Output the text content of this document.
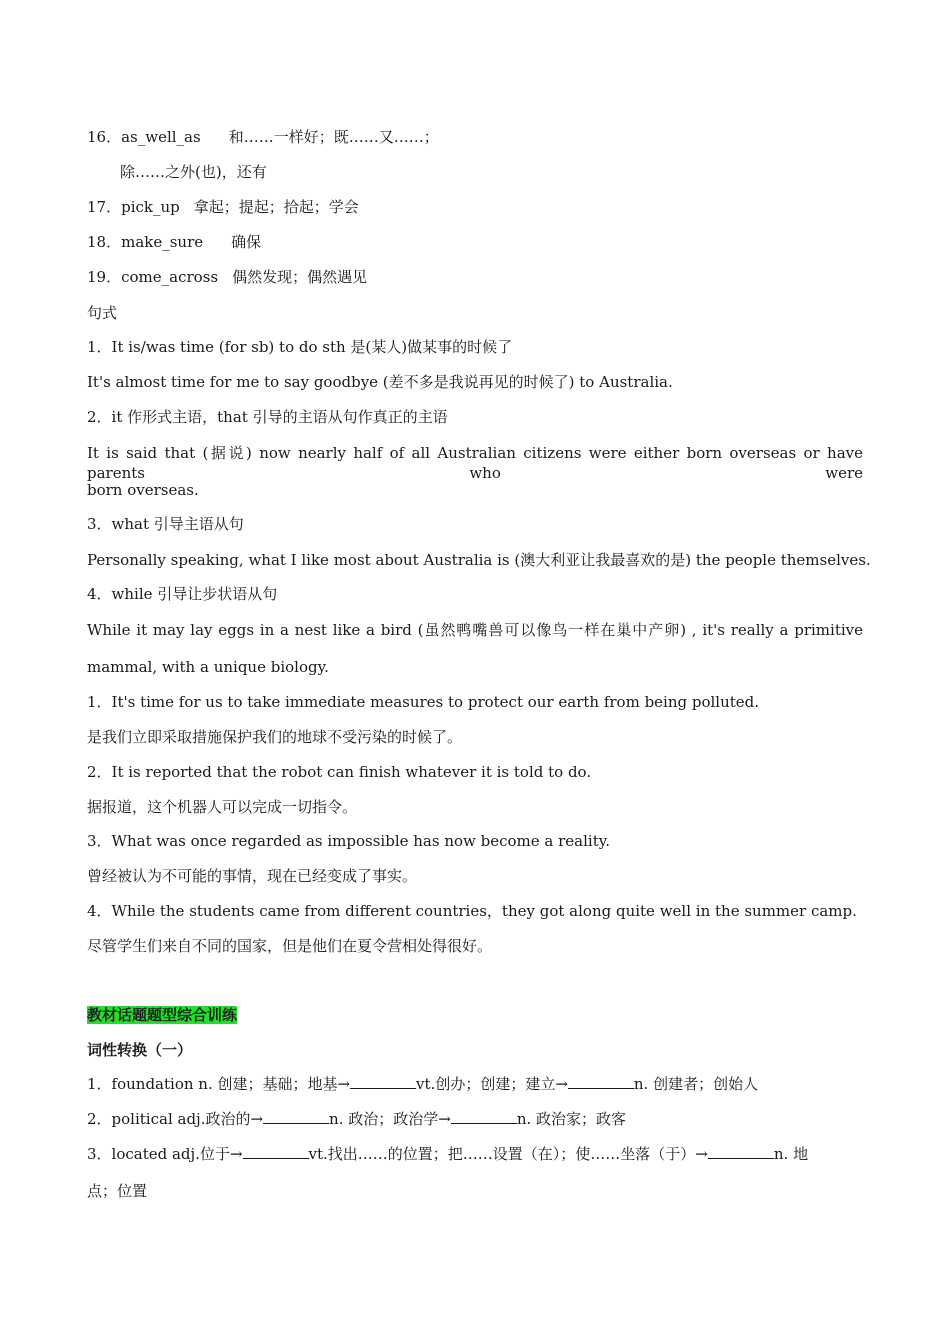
16．as_well_as 和……一样好；既……又……；
除……之外(也)，还有
17．pick_up 拿起；提起；拾起；学会
18．make_sure 确保
19．come_across 偶然发现；偶然遇见
句式
1．It is/was time (for sb) to do sth 是(某人)做某事的时候了
It's almost time for me to say goodbye (差不多是我说再见的时候了) to Australia.
2．it 作形式主语，that 引导的主语从句作真正的主语
It is said that (据说) now nearly half of all Australian citizens were either born overseas or have parents who were
born overseas.
3．what 引导主语从句
Personally speaking, what I like most about Australia is (澳大利亚让我最喜欢的是) the people themselves.
4．while 引导让步状语从句
While it may lay eggs in a nest like a bird (虽然鸭嘴兽可以像鸟一样在巢中产卵) , it's really a primitive
mammal, with a unique biology.
1．It's time for us to take immediate measures to protect our earth from being polluted.
是我们立即采取措施保护我们的地球不受污染的时候了。
2．It is reported that the robot can finish whatever it is told to do.
据报道，这个机器人可以完成一切指令。
3．What was once regarded as impossible has now become a reality.
曾经被认为不可能的事情，现在已经变成了事实。
4．While the students came from different countries，they got along quite well in the summer camp.
尽管学生们来自不同的国家，但是他们在夏令营相处得很好。
教材话题题型综合训练
词性转换（一）
1．foundation n. 创建；基础；地基→	vt.创办；创建；建立→	n. 创建者；创始人
2．political adj.政治的→	n. 政治；政治学→	n. 政治家；政客
3．located adj.位于→	vt.找出……的位置；把……设置（在）；使……坐落（于）→	n. 地
点；位置
